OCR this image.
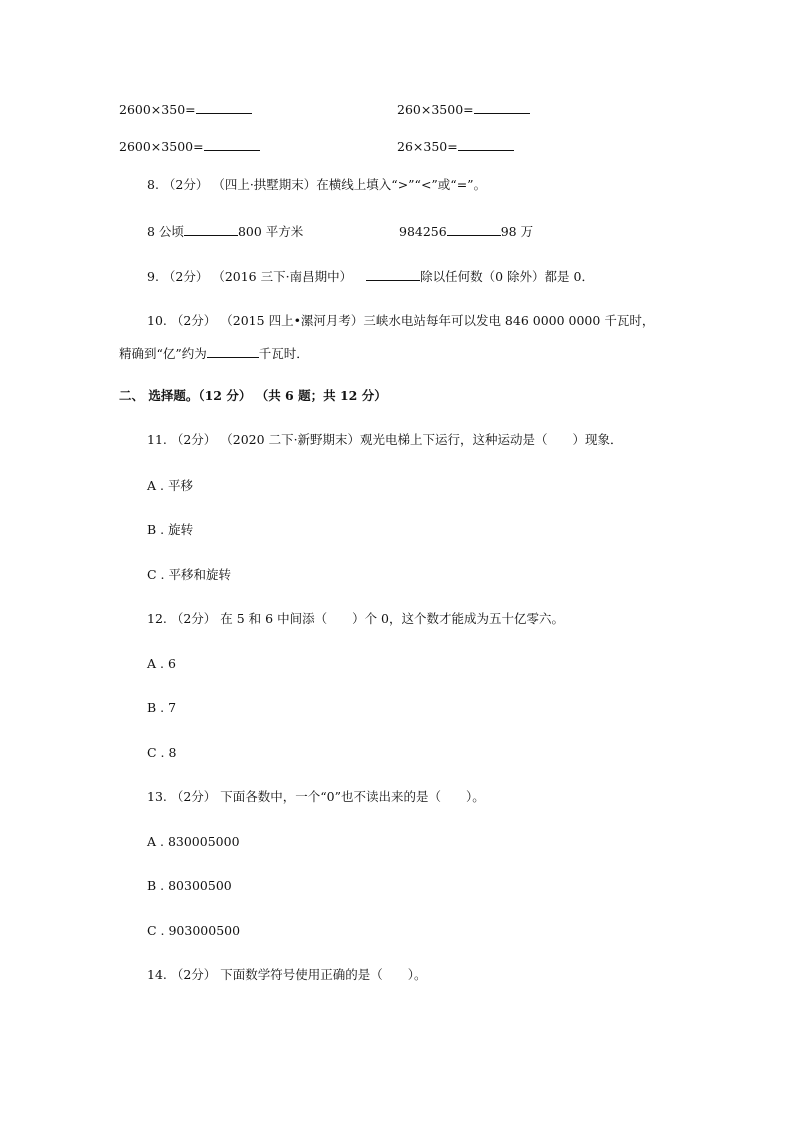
2600×350=	260×3500=
2600×3500=	26×350=
8. （2分） （四上·拱墅期末）在横线上填入“>”“<”或“=”。
8 公顷	800 平方米	984256	98 万
9. （2分） （2016 三下·南昌期中）	除以任何数（0 除外）都是 0．
10. （2分） （2015 四上•漯河月考）三峡水电站每年可以发电 846 0000 0000 千瓦时，
精确到“亿”约为	千瓦时．
二、 选择题。（12 分） （共 6 题；共 12 分）
11. （2分） （2020 二下·新野期末）观光电梯上下运行，这种运动是（　　）现象．
A . 平移
B . 旋转
C . 平移和旋转
12. （2分） 在 5 和 6 中间添（　　）个 0，这个数才能成为五十亿零六。
A . 6
B . 7
C . 8
13. （2分） 下面各数中，一个“0”也不读出来的是（　　）。
A . 830005000
B . 80300500
C . 903000500
14. （2分） 下面数学符号使用正确的是（　　）。
